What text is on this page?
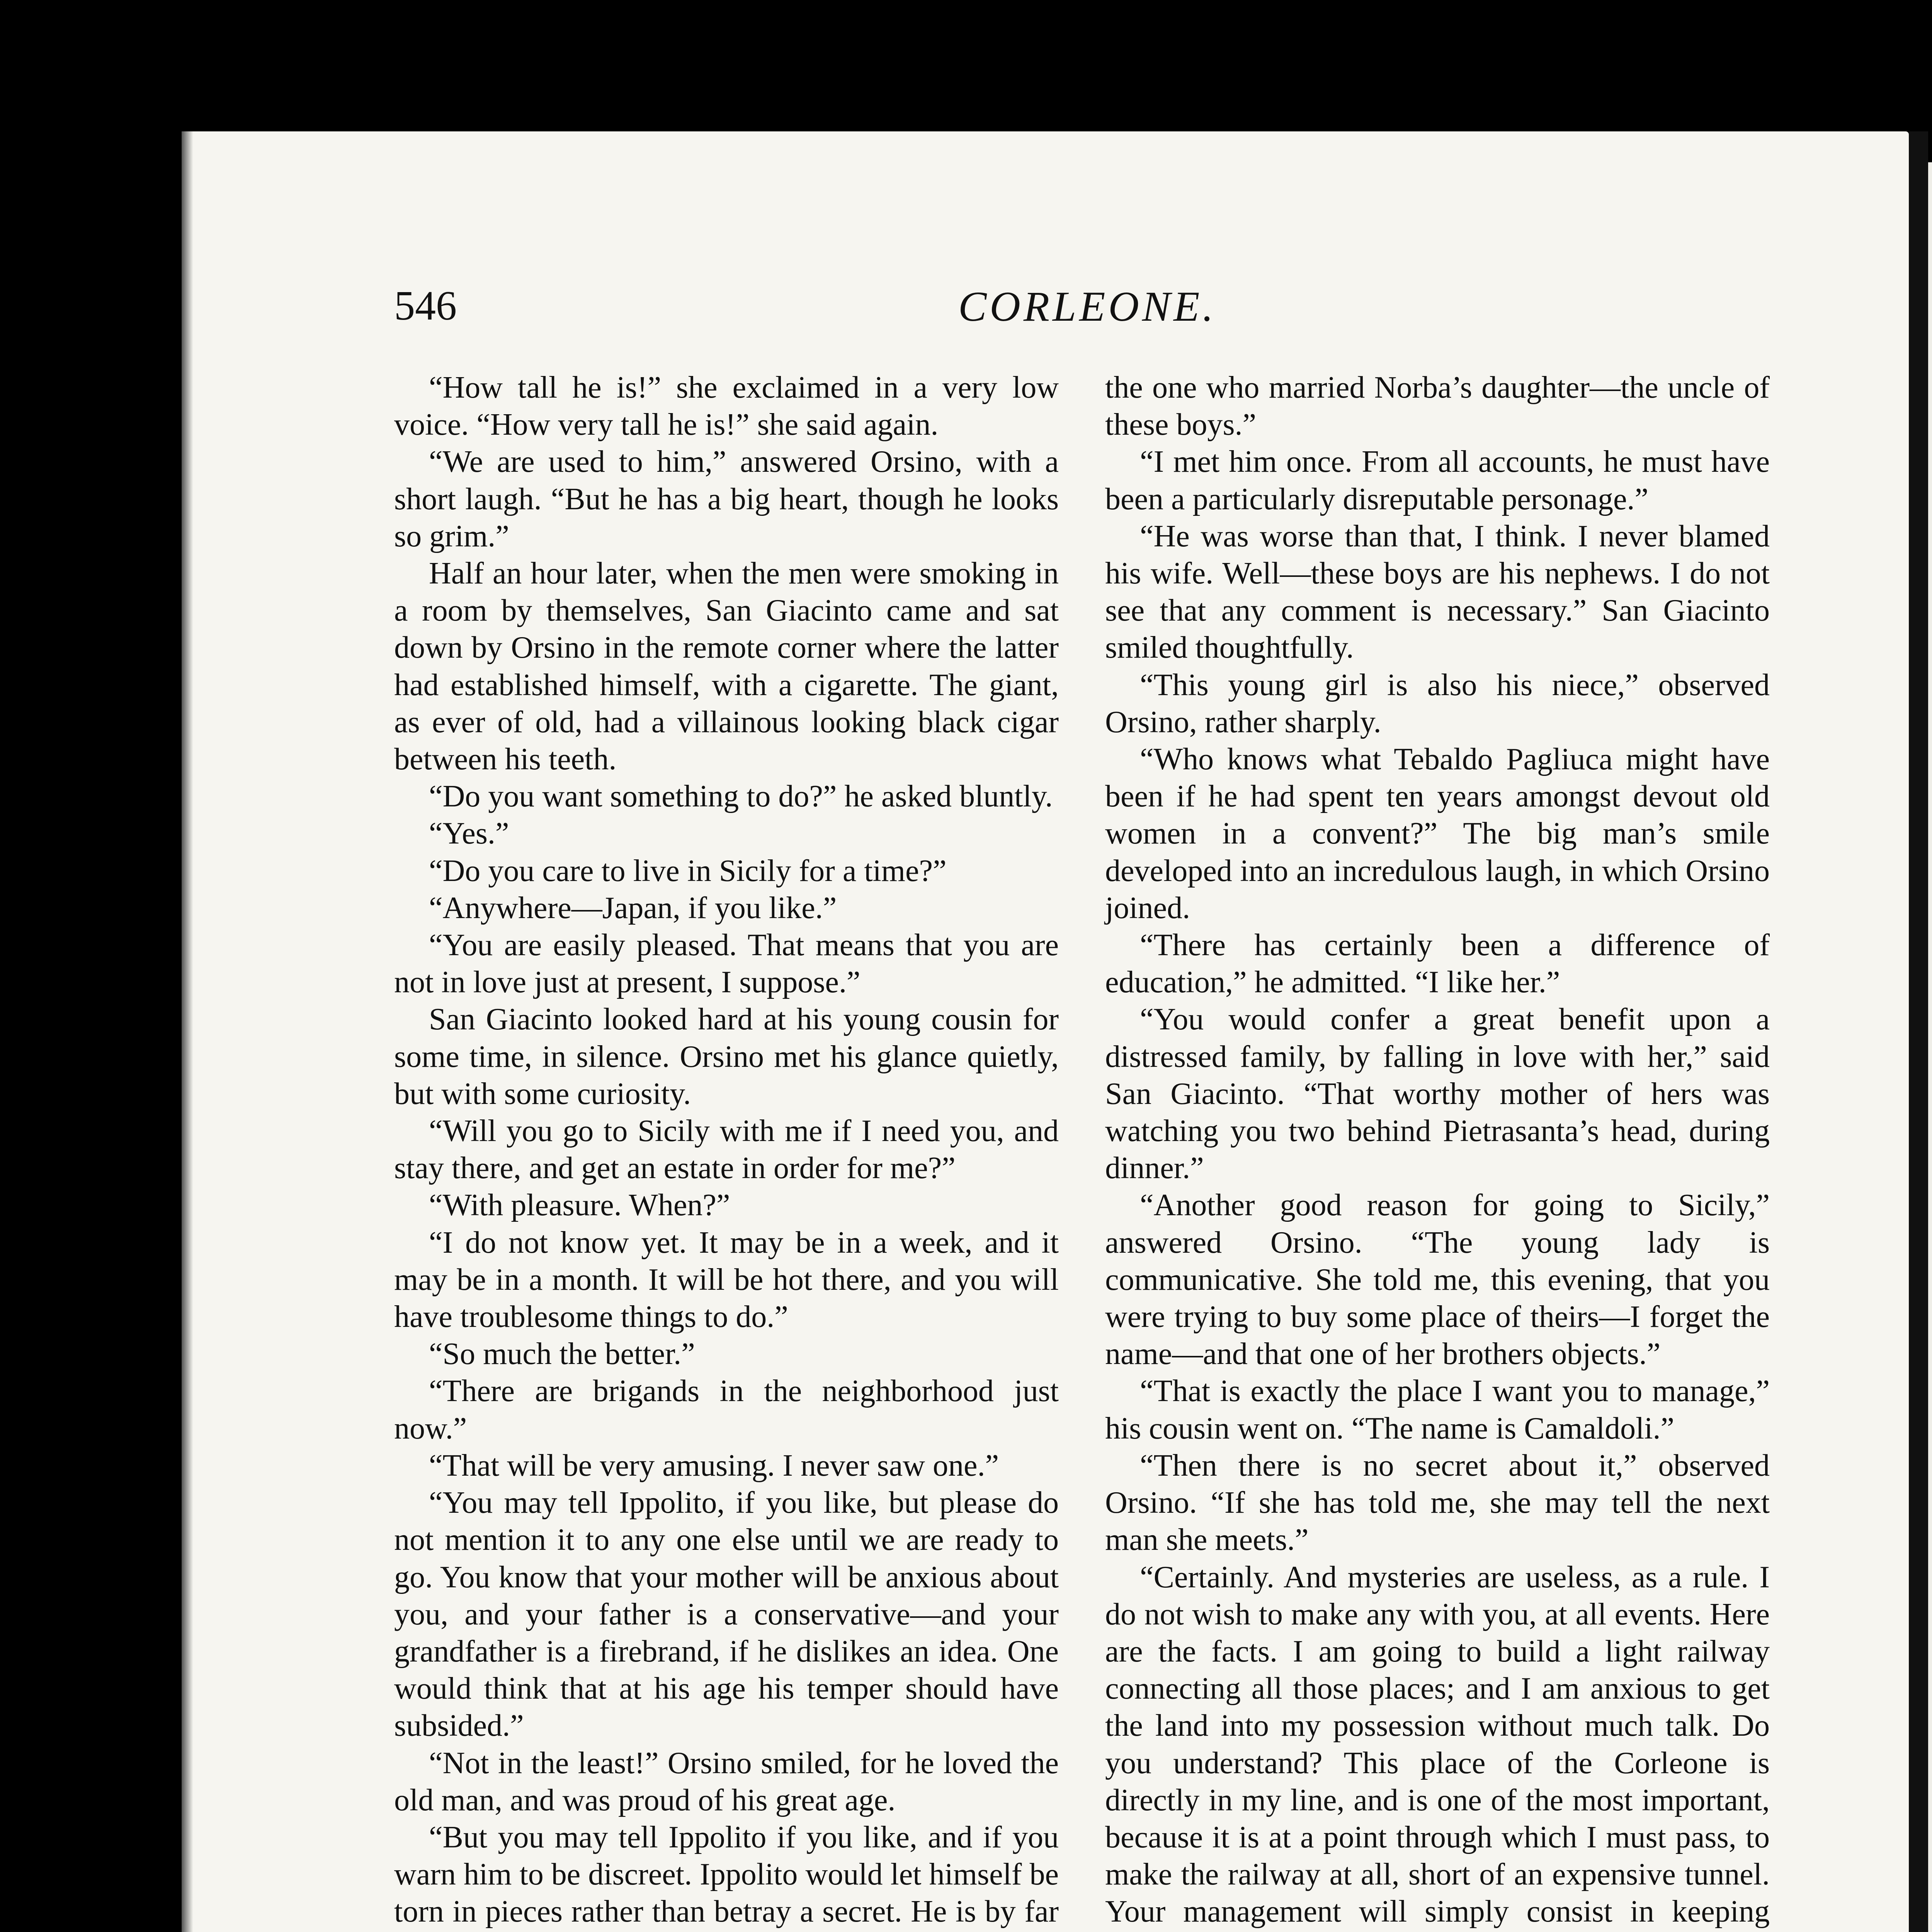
546	CORLEONE.

“How tall he is!” she exclaimed in a very low voice. “How very tall he is!” she said again.

“We are used to him,” answered Orsino, with a short laugh. “But he has a big heart, though he looks so grim.”

Half an hour later, when the men were smoking in a room by themselves, San Giacinto came and sat down by Orsino in the remote corner where the latter had established himself, with a cigarette. The giant, as ever of old, had a villainous looking black cigar between his teeth.

“Do you want something to do?” he asked bluntly.

“Yes.”

“Do you care to live in Sicily for a time?”

“Anywhere—Japan, if you like.”

“You are easily pleased. That means that you are not in love just at present, I suppose.”

San Giacinto looked hard at his young cousin for some time, in silence. Orsino met his glance quietly, but with some curiosity.

“Will you go to Sicily with me if I need you, and stay there, and get an estate in order for me?”

“With pleasure. When?”

“I do not know yet. It may be in a week, and it may be in a month. It will be hot there, and you will have troublesome things to do.”

“So much the better.”

“There are brigands in the neighborhood just now.”

“That will be very amusing. I never saw one.”

“You may tell Ippolito, if you like, but please do not mention it to any one else until we are ready to go. You know that your mother will be anxious about you, and your father is a conservative—and your grandfather is a firebrand, if he dislikes an idea. One would think that at his age his temper should have subsided.”

“Not in the least!” Orsino smiled, for he loved the old man, and was proud of his great age.

“But you may tell Ippolito if you like, and if you warn him to be discreet. Ippolito would let himself be torn in pieces rather than betray a secret. He is by far

the one who married Norba’s daughter—the uncle of these boys.”

“I met him once. From all accounts, he must have been a particularly disreputable personage.”

“He was worse than that, I think. I never blamed his wife. Well—these boys are his nephews. I do not see that any comment is necessary.” San Giacinto smiled thoughtfully.

“This young girl is also his niece,” observed Orsino, rather sharply.

“Who knows what Tebaldo Pagliuca might have been if he had spent ten years amongst devout old women in a convent?” The big man’s smile developed into an incredulous laugh, in which Orsino joined.

“There has certainly been a difference of education,” he admitted. “I like her.”

“You would confer a great benefit upon a distressed family, by falling in love with her,” said San Giacinto. “That worthy mother of hers was watching you two behind Pietrasanta’s head, during dinner.”

“Another good reason for going to Sicily,” answered Orsino. “The young lady is communicative. She told me, this evening, that you were trying to buy some place of theirs—I forget the name—and that one of her brothers objects.”

“That is exactly the place I want you to manage,” his cousin went on. “The name is Camaldoli.”

“Then there is no secret about it,” observed Orsino. “If she has told me, she may tell the next man she meets.”

“Certainly. And mysteries are useless, as a rule. I do not wish to make any with you, at all events. Here are the facts. I am going to build a light railway connecting all those places; and I am anxious to get the land into my possession without much talk. Do you understand? This place of the Corleone is directly in my line, and is one of the most important, because it is at a point through which I must pass, to make the railway at all, short of an expensive tunnel. Your management will simply consist in keeping
